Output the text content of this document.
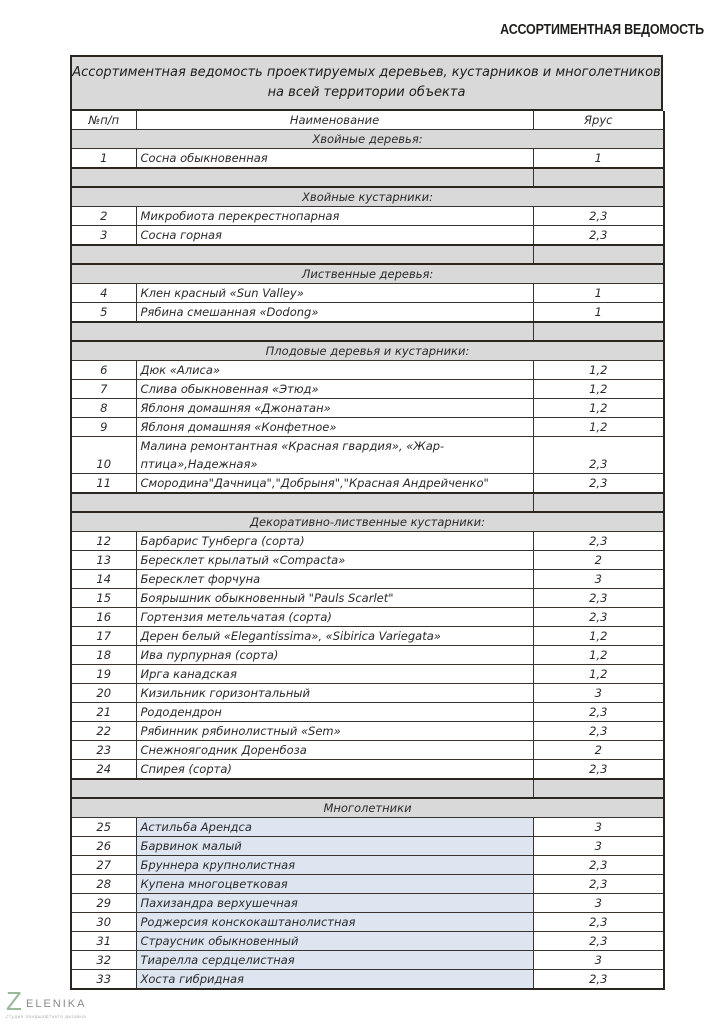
АССОРТИМЕНТНАЯ ВЕДОМОСТЬ
Ассортиментная ведомость проектируемых деревьев, кустарников и многолетников
на всей территории объекта
№п/п	Наименование	Ярус
Хвойные деревья:		
1	Сосна обыкновенная	1

Хвойные кустарники:		
2	Микробиота перекрестнопарная	2,3
3	Сосна горная	2,3

Лиственные деревья:		
4	Клен красный «Sun Valley»	1
5	Рябина смешанная «Dodong»	1

Плодовые деревья и кустарники:		
6	Дюк «Алиса»	1,2
7	Слива обыкновенная «Этюд»	1,2
8	Яблоня домашняя «Джонатан»	1,2
9	Яблоня домашняя «Конфетное»	1,2
10	Малина ремонтантная «Красная гвардия», «Жар-птица»,Надежная»	2,3
11	Смородина"Дачница","Добрыня","Красная Андрейченко"	2,3

Декоративно-лиственные кустарники:		
12	Барбарис Тунберга (сорта)	2,3
13	Бересклет крылатый «Compacta»	2
14	Бересклет форчуна	3
15	Боярышник обыкновенный "Pauls Scarlet"	2,3
16	Гортензия метельчатая (сорта)	2,3
17	Дерен белый «Elegantissima», «Sibirica Variegata»	1,2
18	Ива пурпурная (сорта)	1,2
19	Ирга канадская	1,2
20	Кизильник горизонтальный	3
21	Рододендрон	2,3
22	Рябинник рябинолистный «Sem»	2,3
23	Снежноягодник Доренбоза	2
24	Спирея (сорта)	2,3

Многолетники		
25	Астильба Арендса	3
26	Барвинок малый	3
27	Бруннера крупнолистная	2,3
28	Купена многоцветковая	2,3
29	Пахизандра верхушечная	3
30	Роджерсия конскокаштанолистная	2,3
31	Страусник обыкновенный	2,3
32	Тиарелла сердцелистная	3
33	Хоста гибридная	2,3
Z ELENIKA
студия ландшафтного дизайна
